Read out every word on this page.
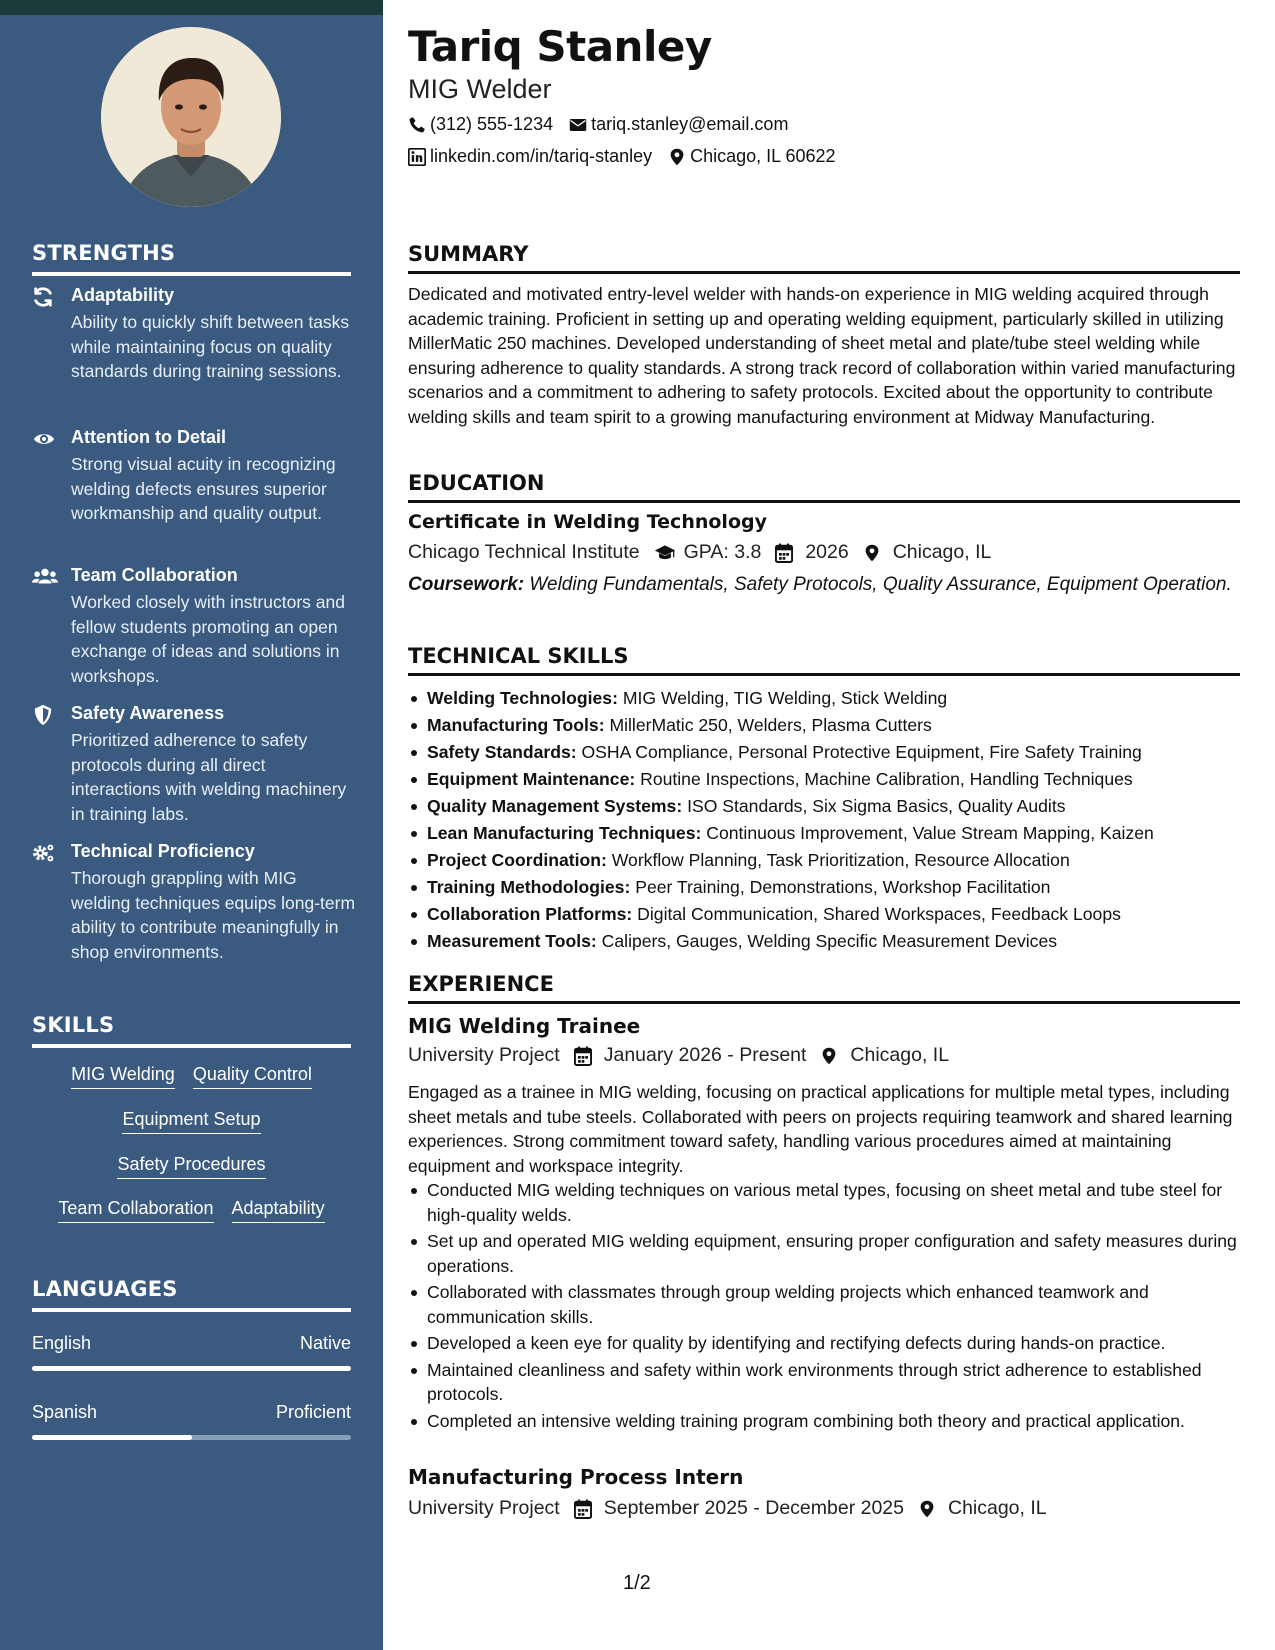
STRENGTHS
Adaptability
Ability to quickly shift between tasks while maintaining focus on quality standards during training sessions.
Attention to Detail
Strong visual acuity in recognizing welding defects ensures superior workmanship and quality output.
Team Collaboration
Worked closely with instructors and fellow students promoting an open exchange of ideas and solutions in workshops.
Safety Awareness
Prioritized adherence to safety protocols during all direct interactions with welding machinery in training labs.
Technical Proficiency
Thorough grappling with MIG welding techniques equips long-term ability to contribute meaningfully in shop environments.
SKILLS
MIG Welding Quality Control
Equipment Setup
Safety Procedures
Team Collaboration Adaptability
LANGUAGES
English	Native
Spanish	Proficient
Tariq Stanley
MIG Welder
(312) 555-1234 tariq.stanley@email.com
linkedin.com/in/tariq-stanley Chicago, IL 60622
SUMMARY
Dedicated and motivated entry-level welder with hands-on experience in MIG welding acquired through academic training. Proficient in setting up and operating welding equipment, particularly skilled in utilizing MillerMatic 250 machines. Developed understanding of sheet metal and plate/tube steel welding while ensuring adherence to quality standards. A strong track record of collaboration within varied manufacturing scenarios and a commitment to adhering to safety protocols. Excited about the opportunity to contribute welding skills and team spirit to a growing manufacturing environment at Midway Manufacturing.
EDUCATION
Certificate in Welding Technology
Chicago Technical Institute GPA: 3.8 2026 Chicago, IL
Coursework: Welding Fundamentals, Safety Protocols, Quality Assurance, Equipment Operation.
TECHNICAL SKILLS
Welding Technologies: MIG Welding, TIG Welding, Stick Welding
Manufacturing Tools: MillerMatic 250, Welders, Plasma Cutters
Safety Standards: OSHA Compliance, Personal Protective Equipment, Fire Safety Training
Equipment Maintenance: Routine Inspections, Machine Calibration, Handling Techniques
Quality Management Systems: ISO Standards, Six Sigma Basics, Quality Audits
Lean Manufacturing Techniques: Continuous Improvement, Value Stream Mapping, Kaizen
Project Coordination: Workflow Planning, Task Prioritization, Resource Allocation
Training Methodologies: Peer Training, Demonstrations, Workshop Facilitation
Collaboration Platforms: Digital Communication, Shared Workspaces, Feedback Loops
Measurement Tools: Calipers, Gauges, Welding Specific Measurement Devices
EXPERIENCE
MIG Welding Trainee
University Project January 2026 - Present Chicago, IL
Engaged as a trainee in MIG welding, focusing on practical applications for multiple metal types, including sheet metals and tube steels. Collaborated with peers on projects requiring teamwork and shared learning experiences. Strong commitment toward safety, handling various procedures aimed at maintaining equipment and workspace integrity.
Conducted MIG welding techniques on various metal types, focusing on sheet metal and tube steel for high-quality welds.
Set up and operated MIG welding equipment, ensuring proper configuration and safety measures during operations.
Collaborated with classmates through group welding projects which enhanced teamwork and communication skills.
Developed a keen eye for quality by identifying and rectifying defects during hands-on practice.
Maintained cleanliness and safety within work environments through strict adherence to established protocols.
Completed an intensive welding training program combining both theory and practical application.
Manufacturing Process Intern
University Project September 2025 - December 2025 Chicago, IL
1/2
